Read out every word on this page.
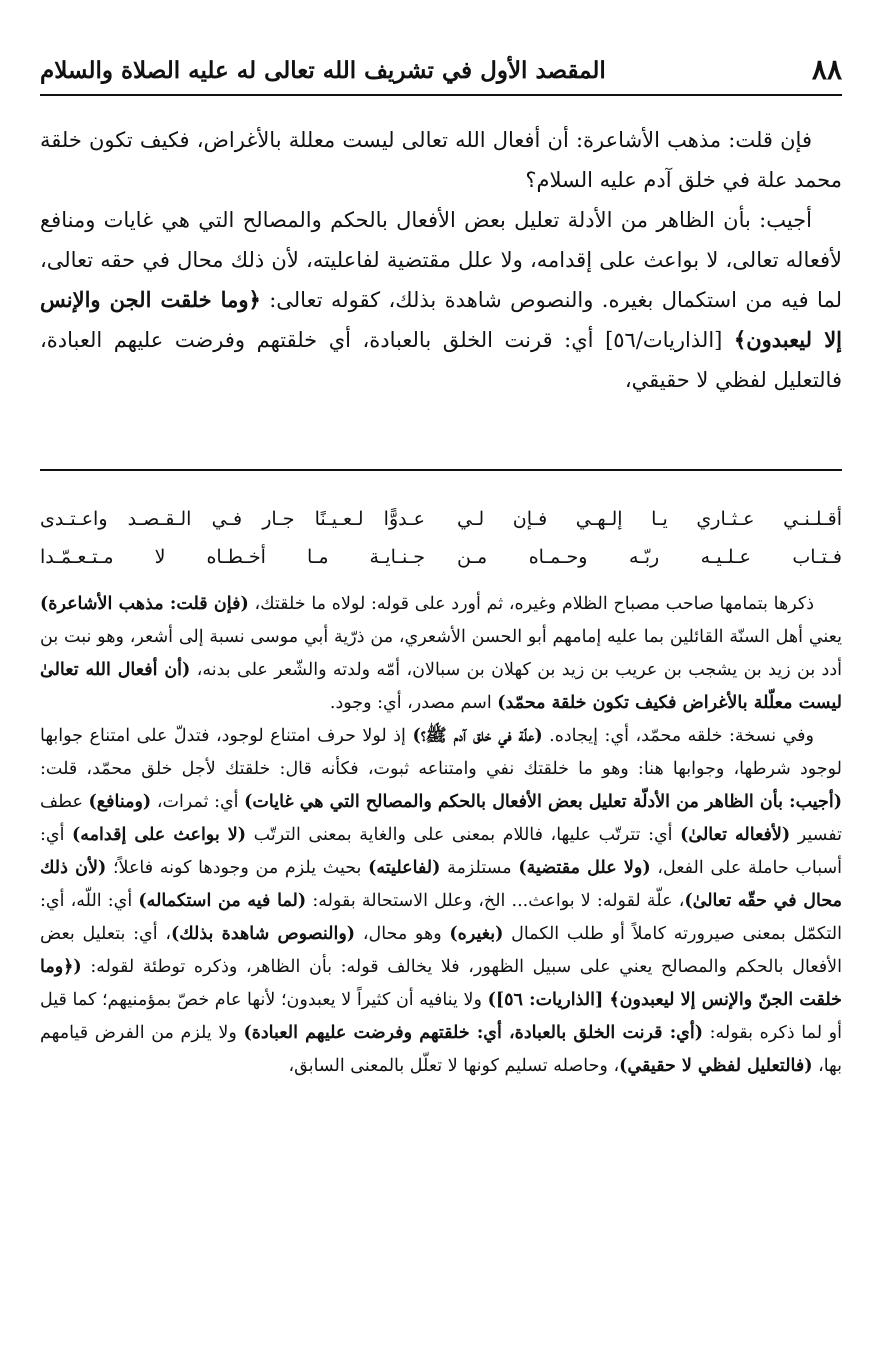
٨٨
المقصد الأول في تشريف الله تعالى له عليه الصلاة والسلام

فإن قلت: مذهب الأشاعرة: أن أفعال الله تعالى ليست معللة بالأغراض، فكيف تكون خلقة محمد علة في خلق آدم عليه السلام؟

أجيب: بأن الظاهر من الأدلة تعليل بعض الأفعال بالحكم والمصالح التي هي غايات ومنافع لأفعاله تعالى، لا بواعث على إقدامه، ولا علل مقتضية لفاعليته، لأن ذلك محال في حقه تعالى، لما فيه من استكمال بغيره. والنصوص شاهدة بذلك، كقوله تعالى: ﴿وما خلقت الجن والإنس إلا ليعبدون﴾ [الذاريات/٥٦] أي: قرنت الخلق بالعبادة، أي خلقتهم وفرضت عليهم العبادة، فالتعليل لفظي لا حقيقي،

أقـلـنـي عـثـاري يـا إلـهـي فـإن لـي
عـدوًّا لـعـيـنًا جـار فـي الـقـصـد واعـتـدى
فـتـاب عـلـيـه ربّـه وحـمـاه مـن
جـنـايـة مـا أخـطـاه لا مـتـعـمّـدا

ذكرها بتمامها صاحب مصباح الظلام وغيره، ثم أورد على قوله: لولاه ما خلقتك، (فإن قلت: مذهب الأشاعرة) يعني أهل السنّة القائلين بما عليه إمامهم أبو الحسن الأشعري، من ذرّية أبي موسى نسبة إلى أشعر، وهو نبت بن أدد بن زيد بن يشجب بن عريب بن زيد بن كهلان بن سبالان، أمّه ولدته والشّعر على بدنه، (أن أفعال الله تعالىٰ ليست معلّلة بالأغراض فكيف تكون خلقة محمّد) اسم مصدر، أي: وجود.

وفي نسخة: خلقه محمّد، أي: إيجاده. (علّة في خلق آدم ﷺ؟) إذ لولا حرف امتناع لوجود، فتدلّ على امتناع جوابها لوجود شرطها، وجوابها هنا: وهو ما خلقتك نفي وامتناعه ثبوت، فكأنه قال: خلقتك لأجل خلق محمّد، قلت: (أجيب: بأن الظاهر من الأدلّة تعليل بعض الأفعال بالحكم والمصالح التي هي غايات) أي: ثمرات، (ومنافع) عطف تفسير (لأفعاله تعالىٰ) أي: تترتّب عليها، فاللام بمعنى على والغاية بمعنى الترتّب (لا بواعث على إقدامه) أي: أسباب حاملة على الفعل، (ولا علل مقتضية) مستلزمة (لفاعليته) بحيث يلزم من وجودها كونه فاعلاً؛ (لأن ذلك محال في حقّه تعالىٰ)، علّة لقوله: لا بواعث... الخ، وعلل الاستحالة بقوله: (لما فيه من استكماله) أي: اللّه، أي: التكمّل بمعنى صيرورته كاملاً أو طلب الكمال (بغيره) وهو محال، (والنصوص شاهدة بذلك)، أي: بتعليل بعض الأفعال بالحكم والمصالح يعني على سبيل الظهور، فلا يخالف قوله: بأن الظاهر، وذكره توطئة لقوله: (﴿وما خلقت الجنّ والإنس إلا ليعبدون﴾ [الذاريات: ٥٦]) ولا ينافيه أن كثيراً لا يعبدون؛ لأنها عام خصّ بمؤمنيهم؛ كما قيل أو لما ذكره بقوله: (أي: قرنت الخلق بالعبادة، أي: خلقتهم وفرضت عليهم العبادة) ولا يلزم من الفرض قيامهم بها، (فالتعليل لفظي لا حقيقي)، وحاصله تسليم كونها لا تعلّل بالمعنى السابق،
